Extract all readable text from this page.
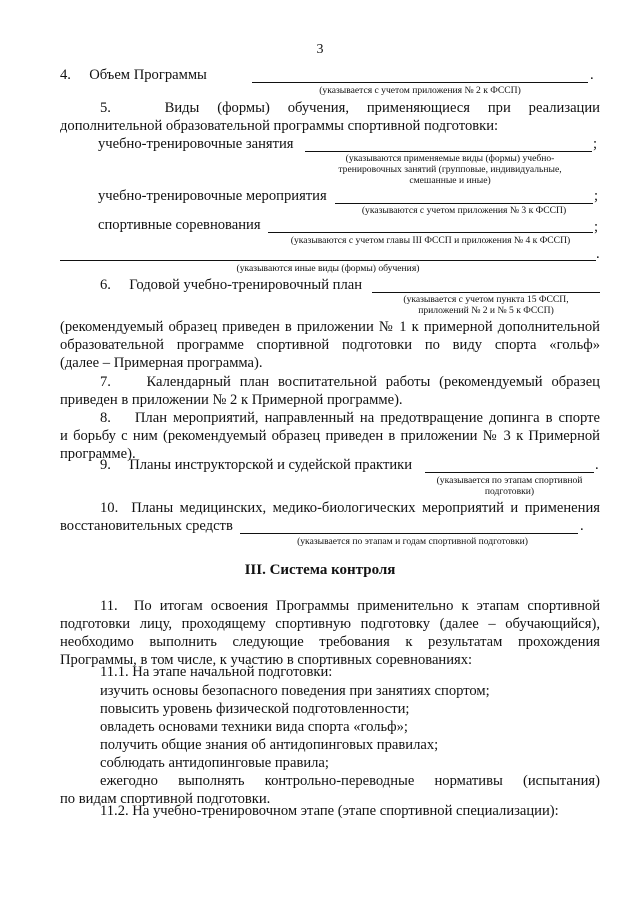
3
4.     Объем Программы	.
(указывается с учетом приложения № 2 к ФССП)
5.   Виды (формы) обучения, применяющиеся при реализации
дополнительной образовательной программы спортивной подготовки:
учебно-тренировочные занятия	;
(указываются применяемые виды (формы) учебно-тренировочных занятий (групповые, индивидуальные, смешанные и иные)
учебно-тренировочные мероприятия	;
(указываются с учетом приложения № 3 к ФССП)
спортивные соревнования	;
(указываются с учетом главы III ФССП и приложения № 4 к ФССП)
.
(указываются иные виды (формы) обучения)
6.     Годовой учебно-тренировочный план
(указывается с учетом пункта 15 ФССП,
приложений № 2 и № 5 к ФССП)
(рекомендуемый образец приведен в приложении № 1 к примерной дополнительной
образовательной программе спортивной подготовки по виду спорта «гольф»
(далее – Примерная программа).
7.    Календарный план воспитательной работы (рекомендуемый образец
приведен в приложении № 2 к Примерной программе).
8.    План мероприятий, направленный на предотвращение допинга в спорте
и борьбу с ним (рекомендуемый образец приведен в приложении № 3 к Примерной
программе).
9.     Планы инструкторской и судейской практики	.
(указывается по этапам спортивной
подготовки)
10.  Планы медицинских, медико-биологических мероприятий и применения
восстановительных средств	.
(указывается по этапам и годам спортивной подготовки)
III. Система контроля
11.  По итогам освоения Программы применительно к этапам спортивной
подготовки лицу, проходящему спортивную подготовку (далее – обучающийся),
необходимо выполнить следующие требования к результатам прохождения
Программы, в том числе, к участию в спортивных соревнованиях:
11.1. На этапе начальной подготовки:
изучить основы безопасного поведения при занятиях спортом;
повысить уровень физической подготовленности;
овладеть основами техники вида спорта «гольф»;
получить общие знания об антидопинговых правилах;
соблюдать антидопинговые правила;
ежегодно выполнять контрольно-переводные нормативы (испытания)
по видам спортивной подготовки.
11.2. На учебно-тренировочном этапе (этапе спортивной специализации):
